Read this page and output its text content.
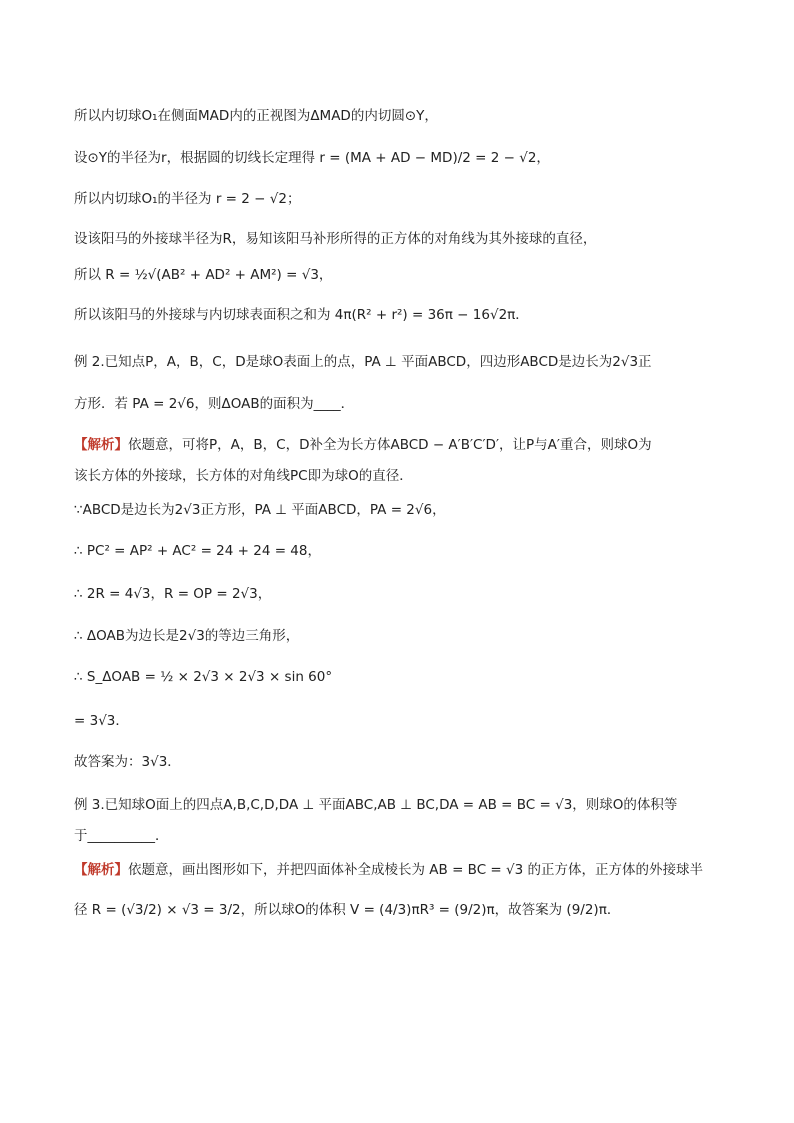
所以内切球O₁在侧面MAD内的正视图为ΔMAD的内切圆⊙Y，
设⊙Y的半径为r，根据圆的切线长定理得 r = (MA + AD − MD)/2 = 2 − √2，
所以内切球O₁的半径为 r = 2 − √2；
设该阳马的外接球半径为R，易知该阳马补形所得的正方体的对角线为其外接球的直径，
所以 R = ½√(AB² + AD² + AM²) = √3，
所以该阳马的外接球与内切球表面积之和为 4π(R² + r²) = 36π − 16√2π．
例 2.已知点P，A，B，C，D是球O表面上的点，PA ⊥ 平面ABCD，四边形ABCD是边长为2√3正
方形．若 PA = 2√6，则ΔOAB的面积为____．
【解析】依题意，可将P，A，B，C，D补全为长方体ABCD − A′B′C′D′，让P与A′重合，则球O为
该长方体的外接球，长方体的对角线PC即为球O的直径．
∵ABCD是边长为2√3正方形，PA ⊥ 平面ABCD，PA = 2√6，
∴ PC² = AP² + AC² = 24 + 24 = 48，
∴ 2R = 4√3，R = OP = 2√3，
∴ ΔOAB为边长是2√3的等边三角形，
∴ S_ΔOAB = ½ × 2√3 × 2√3 × sin 60°
= 3√3．
故答案为：3√3．
例 3.已知球O面上的四点A,B,C,D,DA ⊥ 平面ABC,AB ⊥ BC,DA = AB = BC = √3，则球O的体积等
于__________．
【解析】依题意，画出图形如下，并把四面体补全成棱长为 AB = BC = √3 的正方体，正方体的外接球半
径 R = (√3/2) × √3 = 3/2，所以球O的体积 V = (4/3)πR³ = (9/2)π，故答案为 (9/2)π．
